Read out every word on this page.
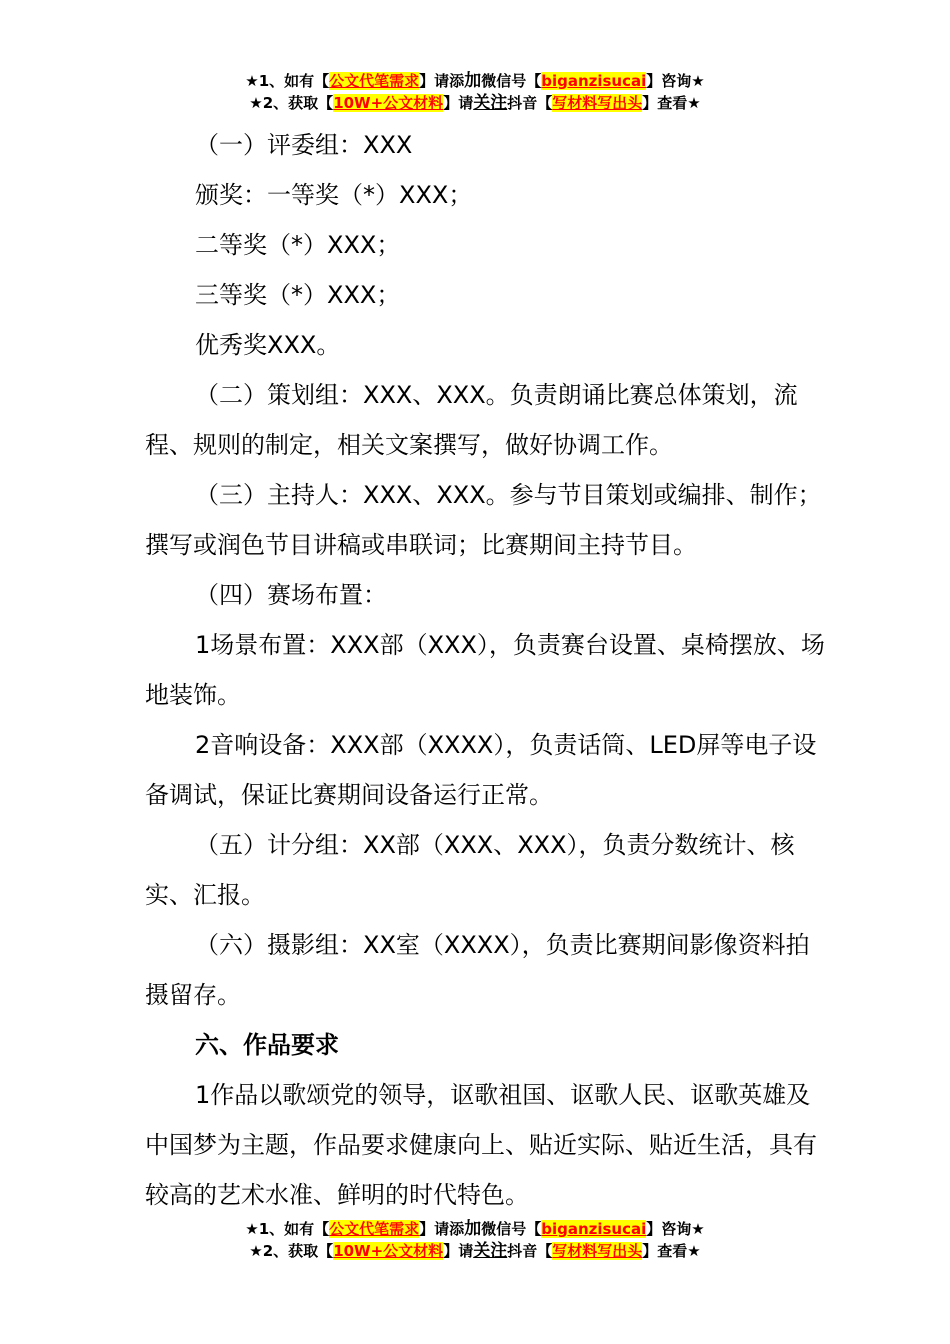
★1、如有【公文代笔需求】请添加微信号【biganzisucai】咨询★
★2、获取【10W+公文材料】请关注抖音【写材料写出头】查看★

（一）评委组：XXX

颁奖：一等奖（*）XXX；

二等奖（*）XXX；

三等奖（*）XXX；

优秀奖XXX。

（二）策划组：XXX、XXX。负责朗诵比赛总体策划，流程、规则的制定，相关文案撰写，做好协调工作。

（三）主持人：XXX、XXX。参与节目策划或编排、制作；撰写或润色节目讲稿或串联词；比赛期间主持节目。

（四）赛场布置：

1场景布置：XXX部（XXX），负责赛台设置、桌椅摆放、场地装饰。

2音响设备：XXX部（XXXX），负责话筒、LED屏等电子设备调试，保证比赛期间设备运行正常。

（五）计分组：XX部（XXX、XXX），负责分数统计、核实、汇报。

（六）摄影组：XX室（XXXX），负责比赛期间影像资料拍摄留存。

六、作品要求

1作品以歌颂党的领导，讴歌祖国、讴歌人民、讴歌英雄及中国梦为主题，作品要求健康向上、贴近实际、贴近生活，具有较高的艺术水准、鲜明的时代特色。

★1、如有【公文代笔需求】请添加微信号【biganzisucai】咨询★
★2、获取【10W+公文材料】请关注抖音【写材料写出头】查看★
